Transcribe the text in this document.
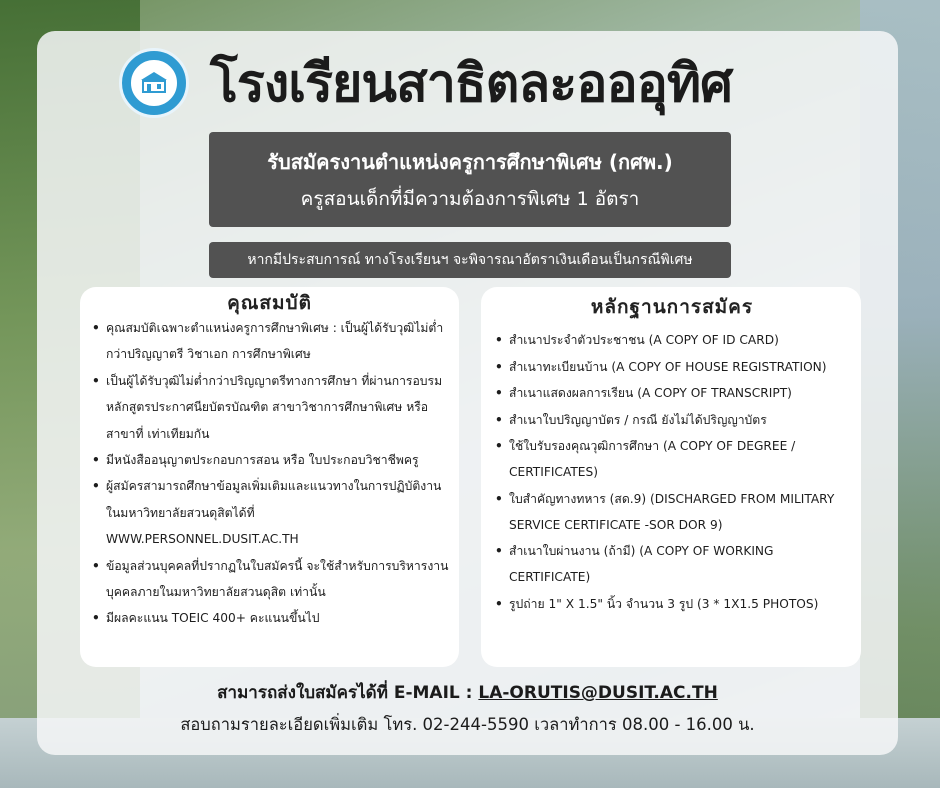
โรงเรียนสาธิตละอออุทิศ
รับสมัครงานตำแหน่งครูการศึกษาพิเศษ (กศพ.)
ครูสอนเด็กที่มีความต้องการพิเศษ 1 อัตรา
หากมีประสบการณ์ ทางโรงเรียนฯ จะพิจารณาอัตราเงินเดือนเป็นกรณีพิเศษ
คุณสมบัติ
• คุณสมบัติเฉพาะตำแหน่งครูการศึกษาพิเศษ : เป็นผู้ได้รับวุฒิไม่ต่ำกว่าปริญญาตรี วิชาเอก การศึกษาพิเศษ
• เป็นผู้ได้รับวุฒิไม่ต่ำกว่าปริญญาตรีทางการศึกษา ที่ผ่านการอบรมหลักสูตรประกาศนียบัตรบัณฑิต สาขาวิชาการศึกษาพิเศษ หรือสาขาที่ เท่าเทียมกัน
• มีหนังสืออนุญาตประกอบการสอน หรือ ใบประกอบวิชาชีพครู
• ผู้สมัครสามารถศึกษาข้อมูลเพิ่มเติมและแนวทางในการปฏิบัติงานในมหาวิทยาลัยสวนดุสิตได้ที่ WWW.PERSONNEL.DUSIT.AC.TH
• ข้อมูลส่วนบุคคลที่ปรากฏในใบสมัครนี้ จะใช้สำหรับการบริหารงานบุคคลภายในมหาวิทยาลัยสวนดุสิต เท่านั้น
• มีผลคะแนน TOEIC 400+ คะแนนขึ้นไป
หลักฐานการสมัคร
• สำเนาประจำตัวประชาชน (A COPY OF ID CARD)
• สำเนาทะเบียนบ้าน (A COPY OF HOUSE REGISTRATION)
• สำเนาแสดงผลการเรียน (A COPY OF TRANSCRIPT)
• สำเนาใบปริญญาบัตร / กรณี ยังไม่ได้ปริญญาบัตร
• ใช้ใบรับรองคุณวุฒิการศึกษา (A COPY OF DEGREE / CERTIFICATES)
• ใบสำคัญทางทหาร (สด.9) (DISCHARGED FROM MILITARY SERVICE CERTIFICATE -SOR DOR 9)
• สำเนาใบผ่านงาน (ถ้ามี) (A COPY OF WORKING CERTIFICATE)
• รูปถ่าย 1" X 1.5" นิ้ว จำนวน 3 รูป (3 * 1X1.5 PHOTOS)
สามารถส่งใบสมัครได้ที่ E-MAIL : LA-ORUTIS@DUSIT.AC.TH
สอบถามรายละเอียดเพิ่มเติม โทร. 02-244-5590 เวลาทำการ 08.00 - 16.00 น.
